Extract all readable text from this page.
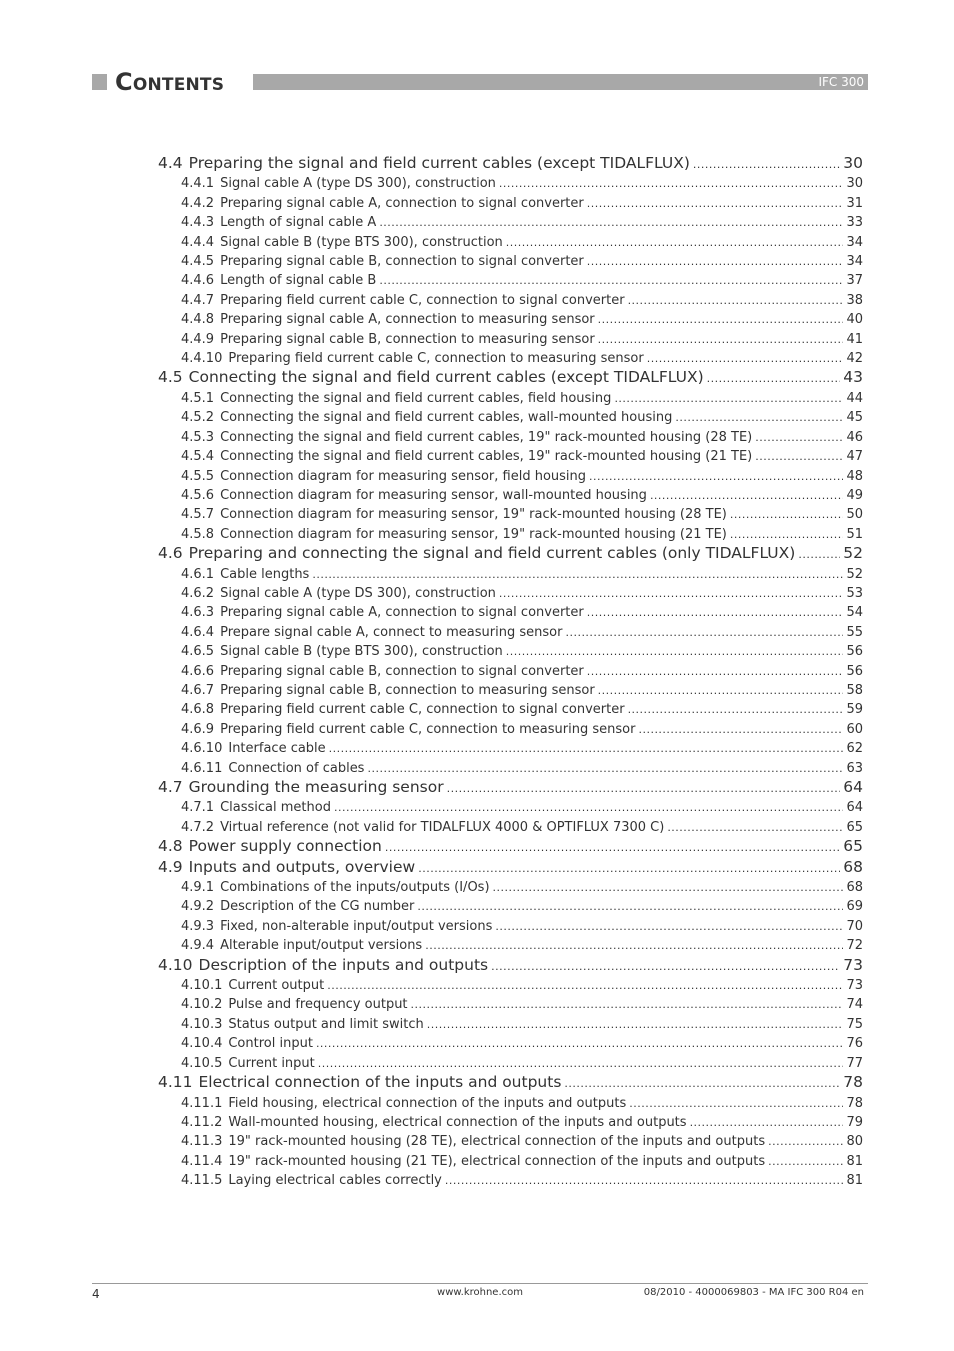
Contents	IFC 300
4.4 Preparing the signal and field current cables (except TIDALFLUX) .....	30
4.4.1 Signal cable A (type DS 300), construction .....	30
4.4.2 Preparing signal cable A, connection to signal converter .....	31
4.4.3 Length of signal cable A .....	33
4.4.4 Signal cable B (type BTS 300), construction .....	34
4.4.5 Preparing signal cable B, connection to signal converter .....	34
4.4.6 Length of signal cable B .....	37
4.4.7 Preparing field current cable C, connection to signal converter .....	38
4.4.8 Preparing signal cable A, connection to measuring sensor .....	40
4.4.9 Preparing signal cable B, connection to measuring sensor .....	41
4.4.10 Preparing field current cable C, connection to measuring sensor .....	42
4.5 Connecting the signal and field current cables (except TIDALFLUX) .....	43
4.5.1 Connecting the signal and field current cables, field housing .....	44
4.5.2 Connecting the signal and field current cables, wall-mounted housing .....	45
4.5.3 Connecting the signal and field current cables, 19" rack-mounted housing (28 TE) .....	46
4.5.4 Connecting the signal and field current cables, 19" rack-mounted housing (21 TE) .....	47
4.5.5 Connection diagram for measuring sensor, field housing .....	48
4.5.6 Connection diagram for measuring sensor, wall-mounted housing .....	49
4.5.7 Connection diagram for measuring sensor, 19" rack-mounted housing (28 TE) .....	50
4.5.8 Connection diagram for measuring sensor, 19" rack-mounted housing (21 TE) .....	51
4.6 Preparing and connecting the signal and field current cables (only TIDALFLUX) .....	52
4.6.1 Cable lengths .....	52
4.6.2 Signal cable A (type DS 300), construction .....	53
4.6.3 Preparing signal cable A, connection to signal converter .....	54
4.6.4 Prepare signal cable A, connect to measuring sensor .....	55
4.6.5 Signal cable B (type BTS 300), construction .....	56
4.6.6 Preparing signal cable B, connection to signal converter .....	56
4.6.7 Preparing signal cable B, connection to measuring sensor .....	58
4.6.8 Preparing field current cable C, connection to signal converter .....	59
4.6.9 Preparing field current cable C, connection to measuring sensor .....	60
4.6.10 Interface cable .....	62
4.6.11 Connection of cables .....	63
4.7 Grounding the measuring sensor .....	64
4.7.1 Classical method .....	64
4.7.2 Virtual reference (not valid for TIDALFLUX 4000 & OPTIFLUX 7300 C) .....	65
4.8 Power supply connection .....	65
4.9 Inputs and outputs, overview .....	68
4.9.1 Combinations of the inputs/outputs (I/Os) .....	68
4.9.2 Description of the CG number .....	69
4.9.3 Fixed, non-alterable input/output versions .....	70
4.9.4 Alterable input/output versions .....	72
4.10 Description of the inputs and outputs .....	73
4.10.1 Current output .....	73
4.10.2 Pulse and frequency output .....	74
4.10.3 Status output and limit switch .....	75
4.10.4 Control input .....	76
4.10.5 Current input .....	77
4.11 Electrical connection of the inputs and outputs .....	78
4.11.1 Field housing, electrical connection of the inputs and outputs .....	78
4.11.2 Wall-mounted housing, electrical connection of the inputs and outputs .....	79
4.11.3 19" rack-mounted housing (28 TE), electrical connection of the inputs and outputs .....	80
4.11.4 19" rack-mounted housing (21 TE), electrical connection of the inputs and outputs .....	81
4.11.5 Laying electrical cables correctly .....	81
4	www.krohne.com	08/2010 - 4000069803 - MA IFC 300 R04 en
